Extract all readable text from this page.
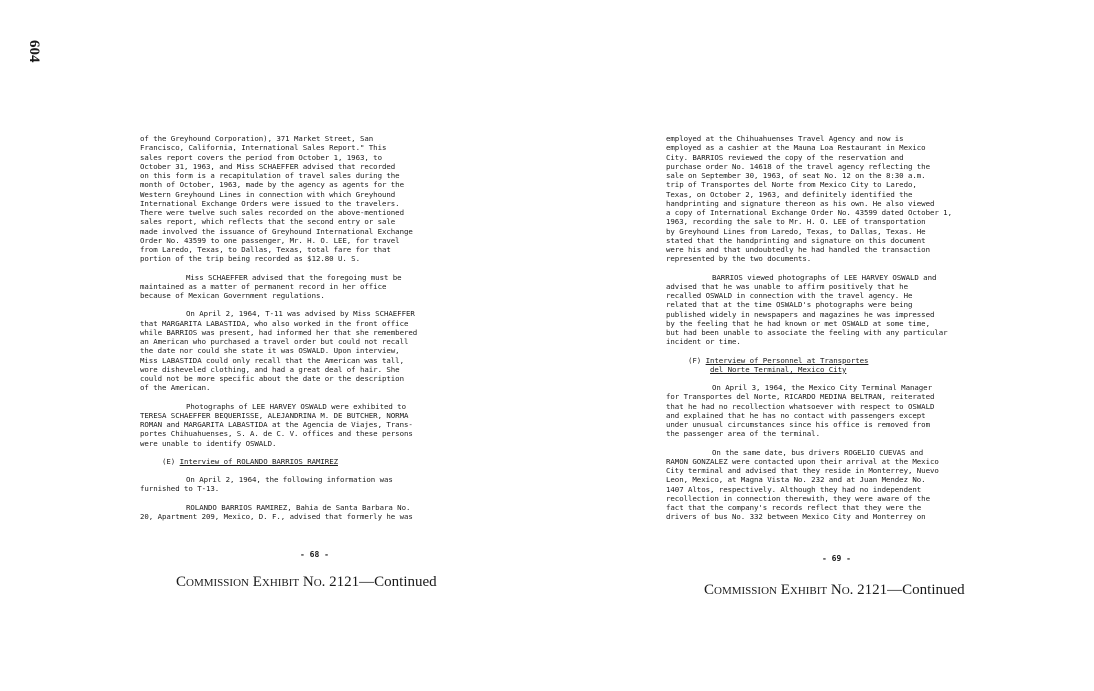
604

of the Greyhound Corporation), 371 Market Street, San
Francisco, California, International Sales Report." This
sales report covers the period from October 1, 1963, to
October 31, 1963, and Miss SCHAEFFER advised that recorded
on this form is a recapitulation of travel sales during the
month of October, 1963, made by the agency as agents for the
Western Greyhound Lines in connection with which Greyhound
International Exchange Orders were issued to the travelers.
There were twelve such sales recorded on the above-mentioned
sales report, which reflects that the second entry or sale
made involved the issuance of Greyhound International Exchange
Order No. 43599 to one passenger, Mr. H. O. LEE, for travel
from Laredo, Texas, to Dallas, Texas, total fare for that
portion of the trip being recorded as $12.80 U. S.

Miss SCHAEFFER advised that the foregoing must be
maintained as a matter of permanent record in her office
because of Mexican Government regulations.

On April 2, 1964, T-11 was advised by Miss SCHAEFFER
that MARGARITA LABASTIDA, who also worked in the front office
while BARRIOS was present, had informed her that she remembered
an American who purchased a travel order but could not recall
the date nor could she state it was OSWALD. Upon interview,
Miss LABASTIDA could only recall that the American was tall,
wore disheveled clothing, and had a great deal of hair. She
could not be more specific about the date or the description
of the American.

Photographs of LEE HARVEY OSWALD were exhibited to
TERESA SCHAEFFER BEQUERISSE, ALEJANDRINA M. DE BUTCHER, NORMA
ROMAN and MARGARITA LABASTIDA at the Agencia de Viajes, Trans-
portes Chihuahuenses, S. A. de C. V. offices and these persons
were unable to identify OSWALD.

(E) Interview of ROLANDO BARRIOS RAMIREZ

On April 2, 1964, the following information was
furnished to T-13.

ROLANDO BARRIOS RAMIREZ, Bahia de Santa Barbara No.
20, Apartment 209, Mexico, D. F., advised that formerly he was

employed at the Chihuahuenses Travel Agency and now is
employed as a cashier at the Mauna Loa Restaurant in Mexico
City. BARRIOS reviewed the copy of the reservation and
purchase order No. 14618 of the travel agency reflecting the
sale on September 30, 1963, of seat No. 12 on the 8:30 a.m.
trip of Transportes del Norte from Mexico City to Laredo,
Texas, on October 2, 1963, and definitely identified the
handprinting and signature thereon as his own. He also viewed
a copy of International Exchange Order No. 43599 dated October 1,
1963, recording the sale to Mr. H. O. LEE of transportation
by Greyhound Lines from Laredo, Texas, to Dallas, Texas. He
stated that the handprinting and signature on this document
were his and that undoubtedly he had handled the transaction
represented by the two documents.

BARRIOS viewed photographs of LEE HARVEY OSWALD and
advised that he was unable to affirm positively that he
recalled OSWALD in connection with the travel agency. He
related that at the time OSWALD's photographs were being
published widely in newspapers and magazines he was impressed
by the feeling that he had known or met OSWALD at some time,
but had been unable to associate the feeling with any particular
incident or time.

(F) Interview of Personnel at Transportes
del Norte Terminal, Mexico City

On April 3, 1964, the Mexico City Terminal Manager
for Transportes del Norte, RICARDO MEDINA BELTRAN, reiterated
that he had no recollection whatsoever with respect to OSWALD
and explained that he has no contact with passengers except
under unusual circumstances since his office is removed from
the passenger area of the terminal.

On the same date, bus drivers ROGELIO CUEVAS and
RAMON GONZALEZ were contacted upon their arrival at the Mexico
City terminal and advised that they reside in Monterrey, Nuevo
Leon, Mexico, at Magna Vista No. 232 and at Juan Mendez No.
1407 Altos, respectively. Although they had no independent
recollection in connection therewith, they were aware of the
fact that the company's records reflect that they were the
drivers of bus No. 332 between Mexico City and Monterrey on

- 68 -	- 69 -
Commission Exhibit No. 2121—Continued	Commission Exhibit No. 2121—Continued
